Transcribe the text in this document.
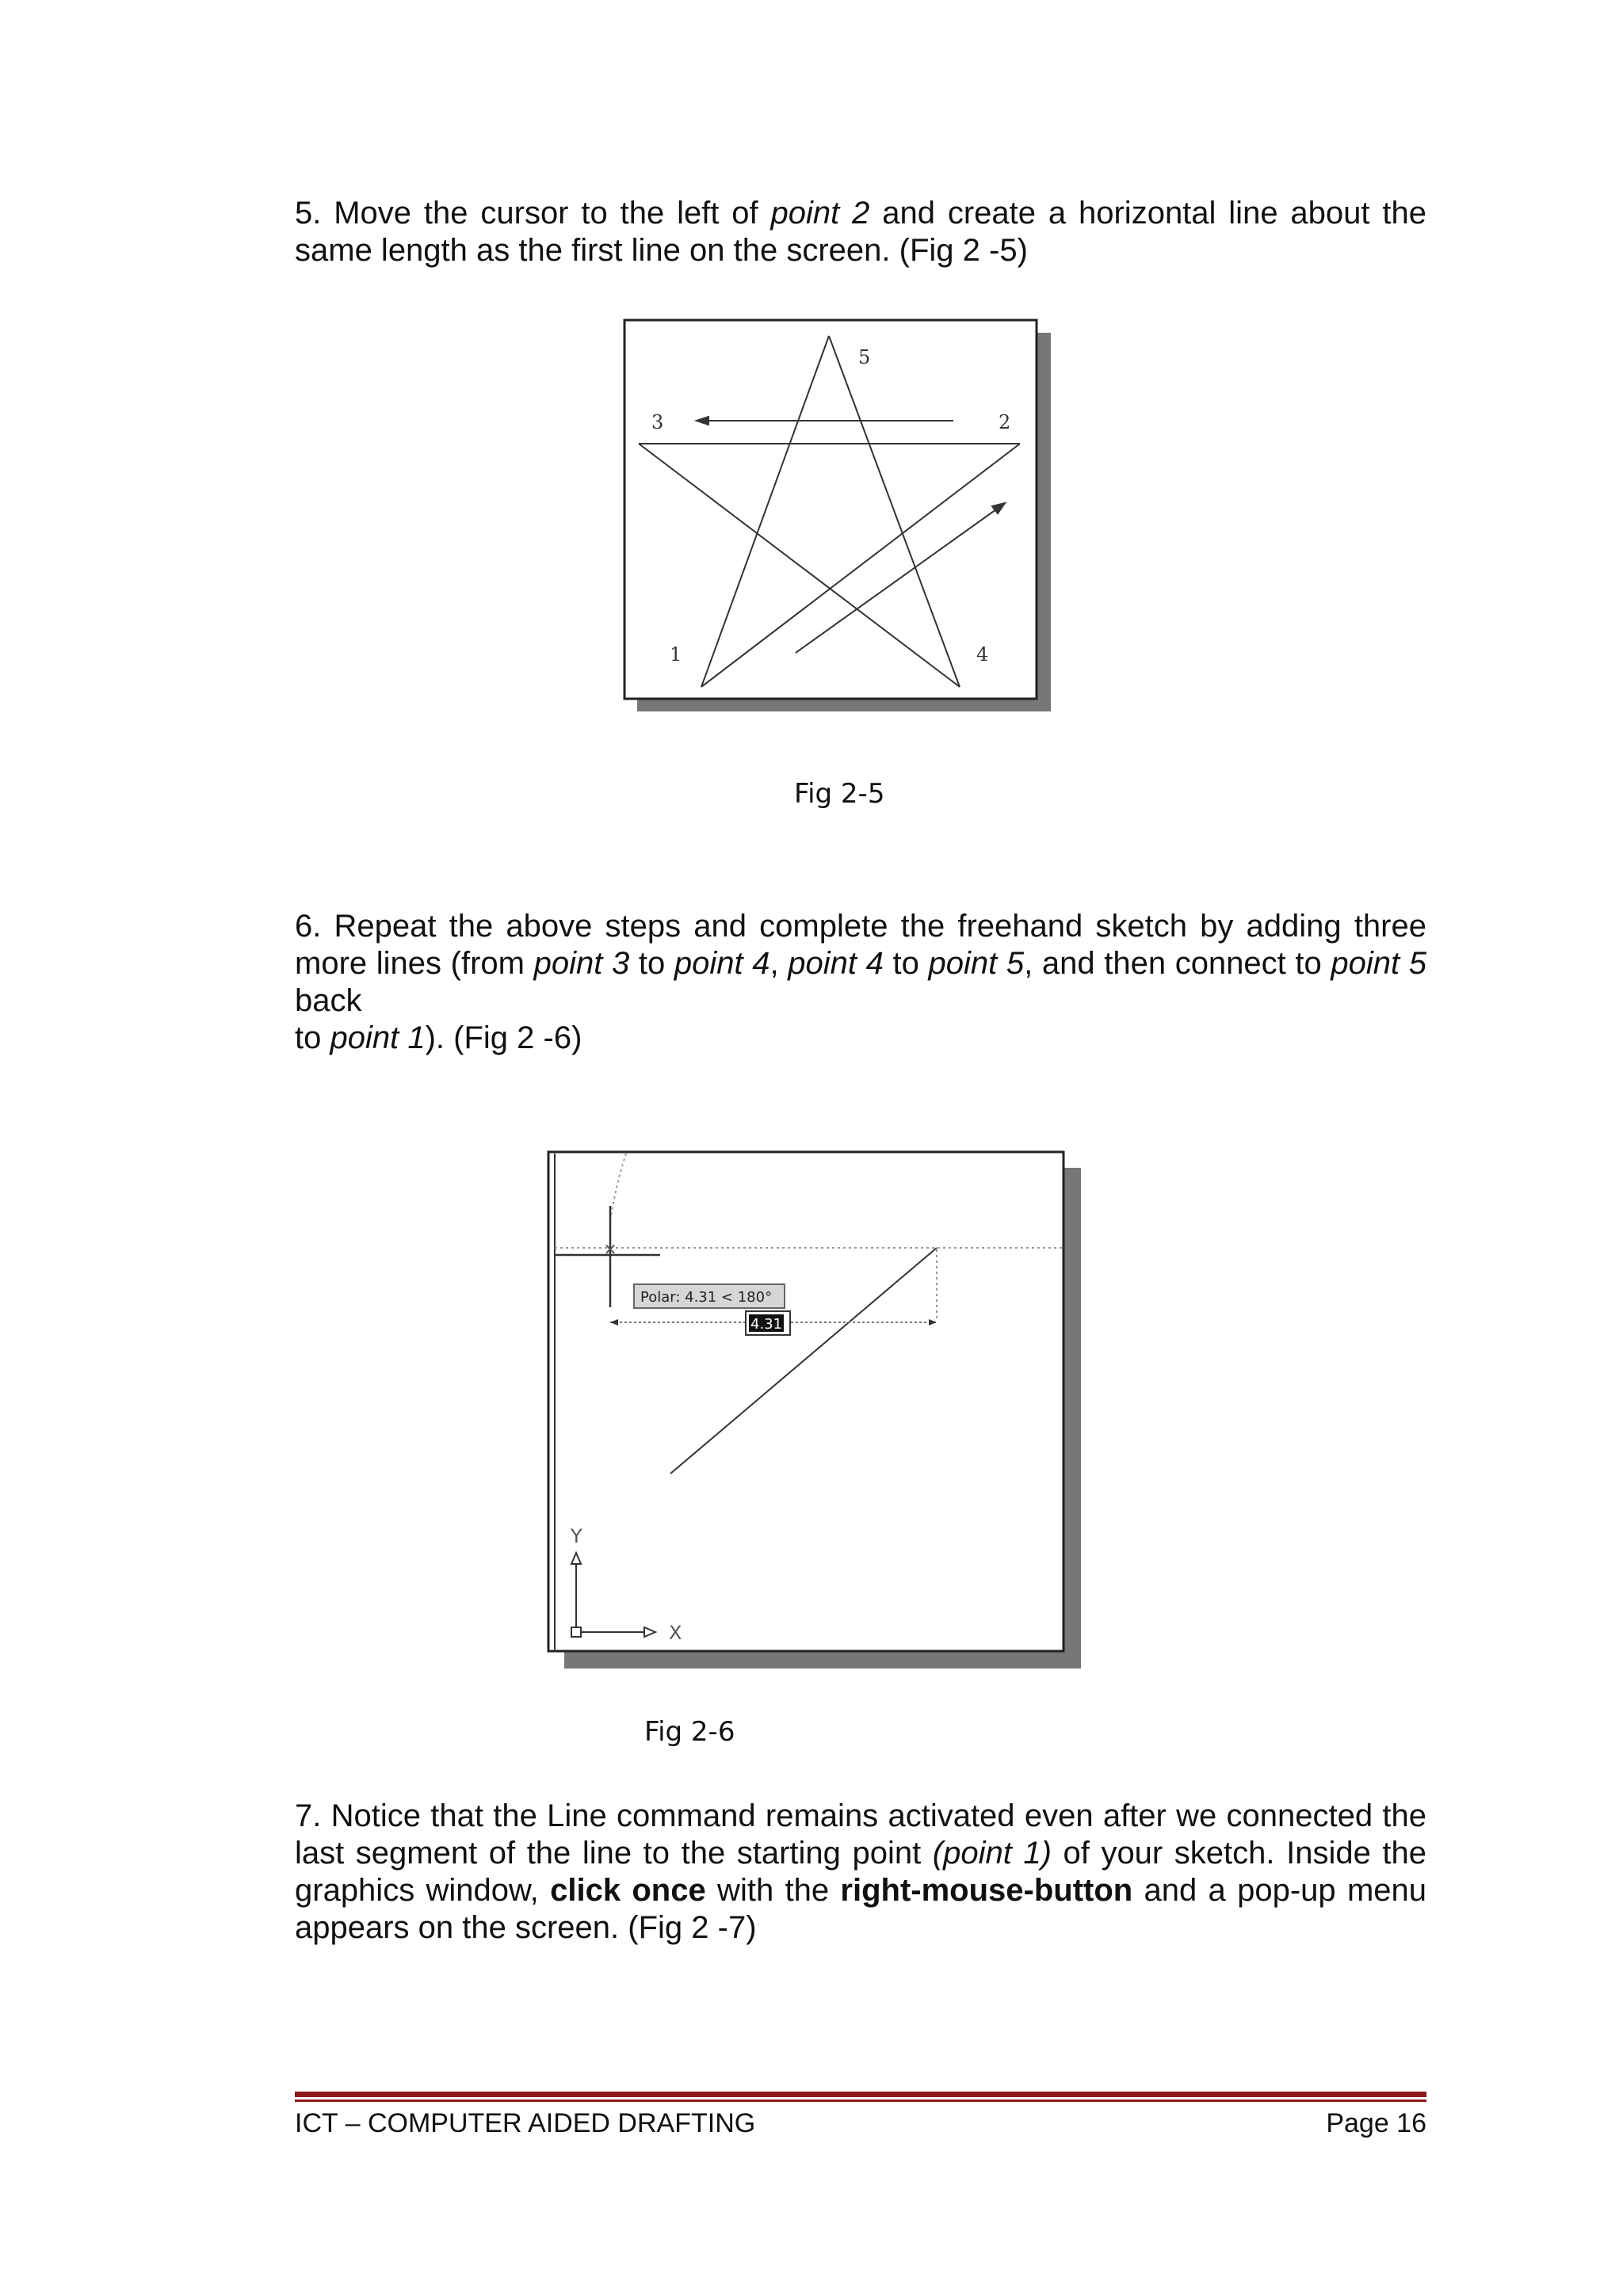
5. Move the cursor to the left of point 2 and create a horizontal line about the same length as the first line on the screen. (Fig 2 -5)

1
2
3
4
5
Fig 2-5

6. Repeat the above steps and complete the freehand sketch by adding three more lines (from point 3 to point 4, point 4 to point 5, and then connect to point 5 back
to point 1). (Fig 2 -6)

✕
Polar: 4.31 < 180°
4.31
Y
X
Fig 2-6

7. Notice that the Line command remains activated even after we connected the last segment of the line to the starting point (point 1) of your sketch. Inside the graphics window, click once with the right-mouse-button and a pop-up menu appears on the screen. (Fig 2 -7)

ICT – COMPUTER AIDED DRAFTING	Page 16
